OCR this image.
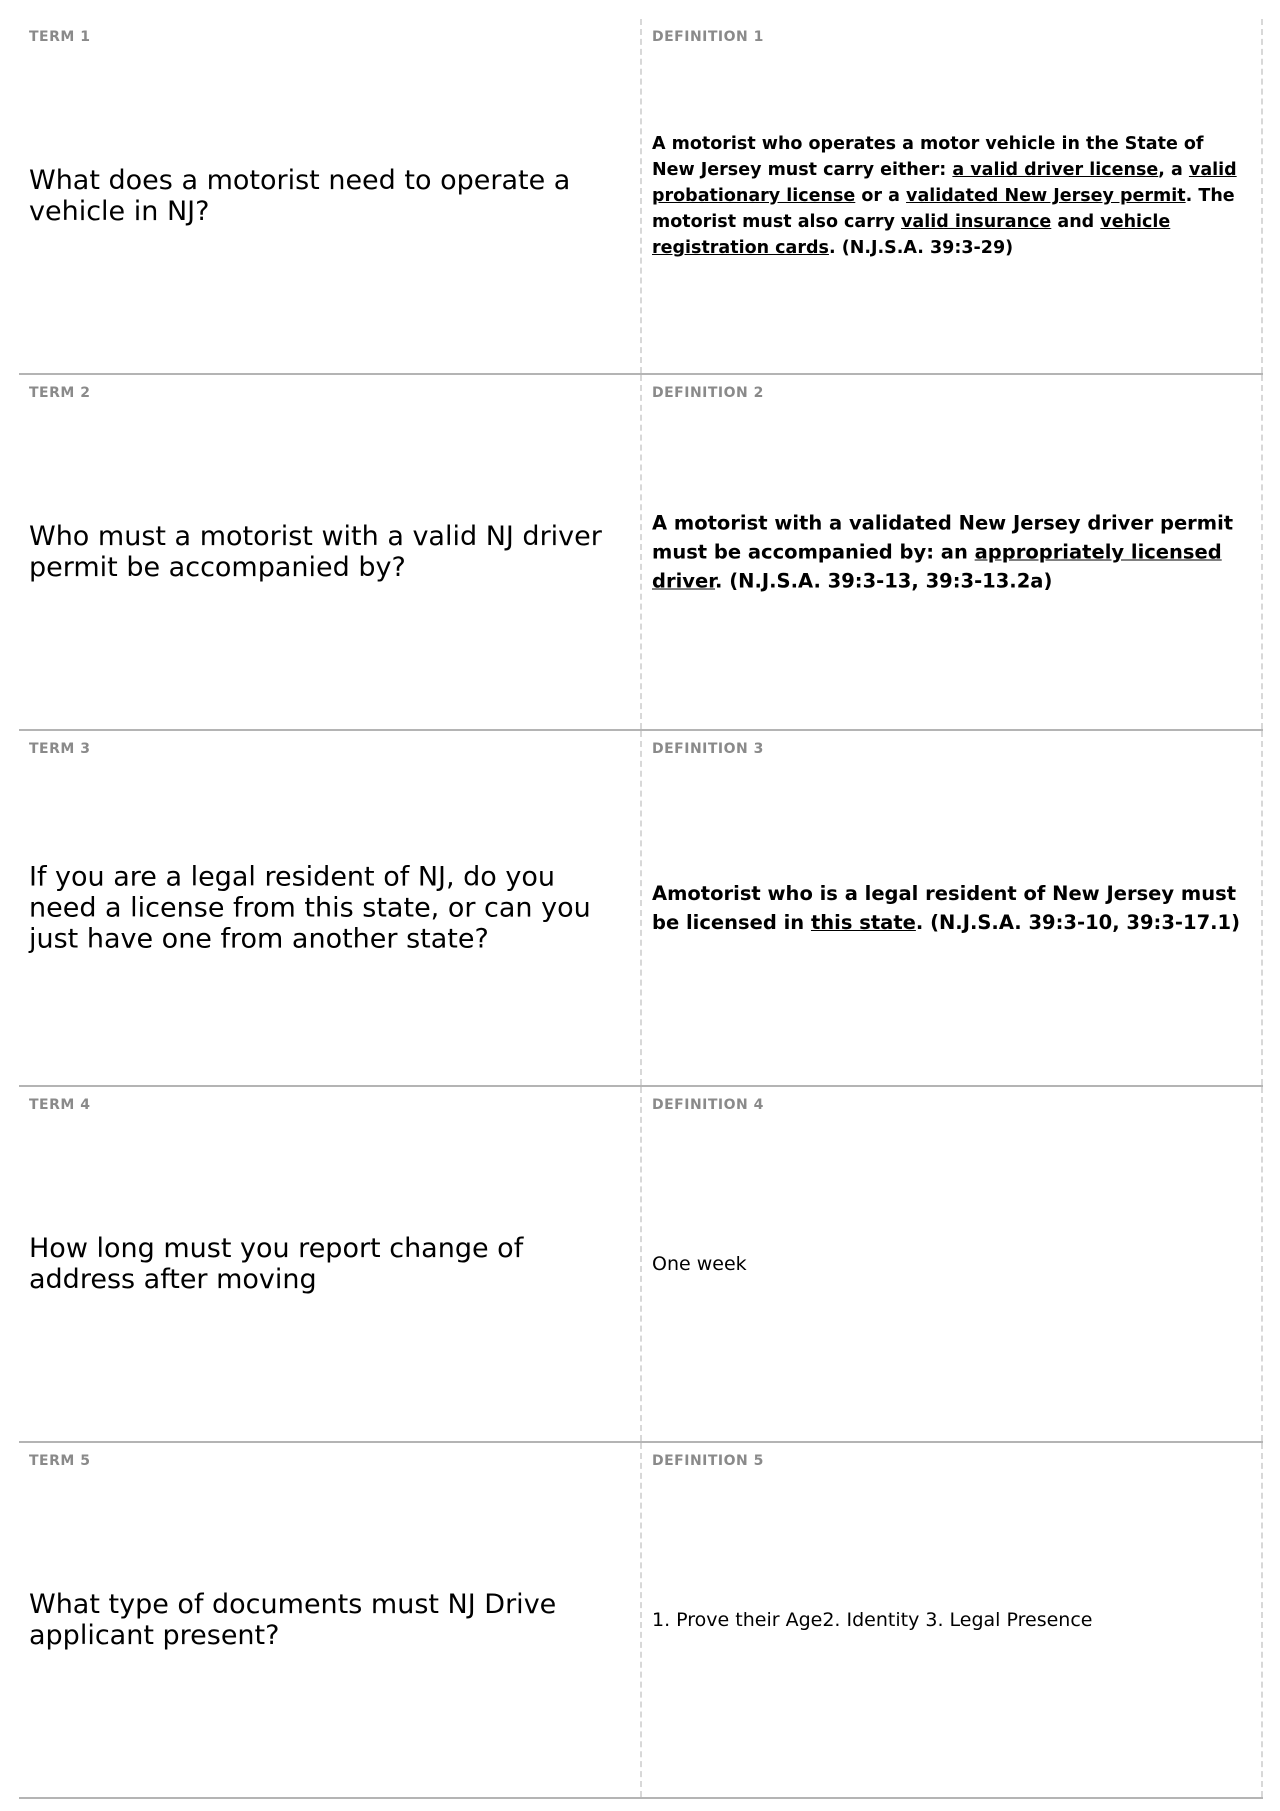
TERM 1
What does a motorist need to operate a vehicle in NJ?
DEFINITION 1
A motorist who operates a motor vehicle in the State of New Jersey must carry either: a valid driver license, a valid probationary license or a validated New Jersey permit. The motorist must also carry valid insurance and vehicle registration cards. (N.J.S.A. 39:3-29)
TERM 2
Who must a motorist with a valid NJ driver permit be accompanied by?
DEFINITION 2
A motorist with a validated New Jersey driver permit must be accompanied by: an appropriately licensed driver. (N.J.S.A. 39:3-13, 39:3-13.2a)
TERM 3
If you are a legal resident of NJ, do you need a license from this state, or can you just have one from another state?
DEFINITION 3
Amotorist who is a legal resident of New Jersey must be licensed in this state. (N.J.S.A. 39:3-10, 39:3-17.1)
TERM 4
How long must you report change of address after moving
DEFINITION 4
One week
TERM 5
What type of documents must NJ Drive applicant present?
DEFINITION 5
1. Prove their Age2. Identity 3. Legal Presence
